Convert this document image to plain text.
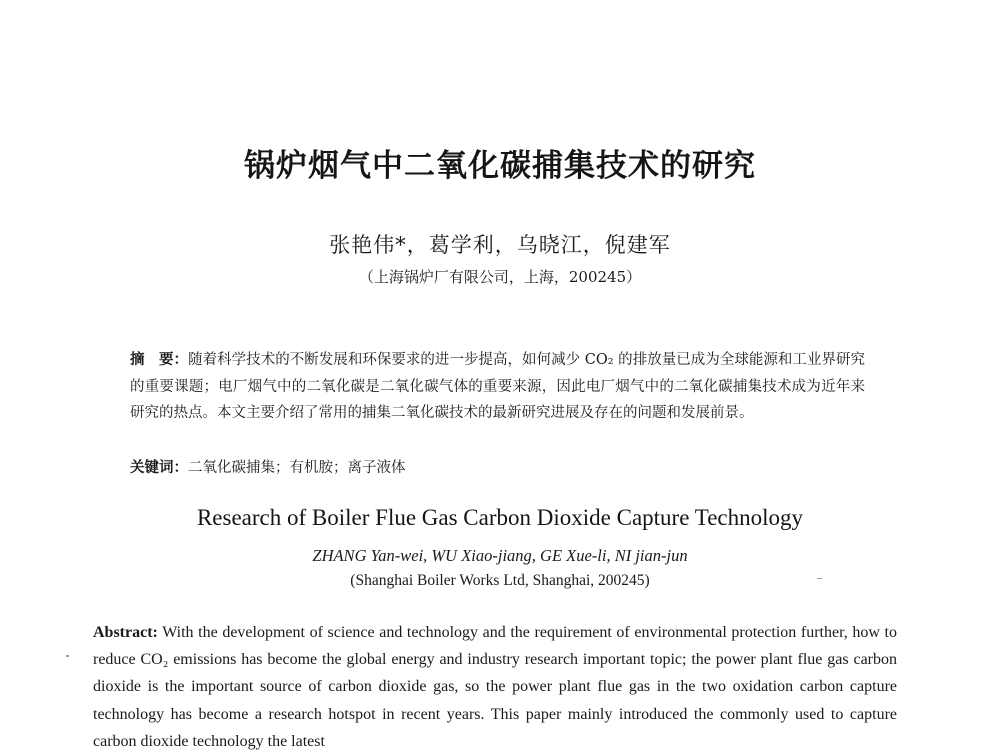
锅炉烟气中二氧化碳捕集技术的研究
张艳伟*，葛学利，乌晓江，倪建军
（上海锅炉厂有限公司，上海，200245）
摘　要：随着科学技术的不断发展和环保要求的进一步提高，如何减少 CO₂ 的排放量已成为全球能源和工业界研究的重要课题；电厂烟气中的二氧化碳是二氧化碳气体的重要来源，因此电厂烟气中的二氧化碳捕集技术成为近年来研究的热点。本文主要介绍了常用的捕集二氧化碳技术的最新研究进展及存在的问题和发展前景。
关键词：二氧化碳捕集；有机胺；离子液体
Research of Boiler Flue Gas Carbon Dioxide Capture Technology
ZHANG Yan-wei, WU Xiao-jiang, GE Xue-li, NI jian-jun
(Shanghai Boiler Works Ltd, Shanghai, 200245)
Abstract: With the development of science and technology and the requirement of environmental protection further, how to reduce CO₂ emissions has become the global energy and industry research important topic; the power plant flue gas carbon dioxide is the important source of carbon dioxide gas, so the power plant flue gas in the two oxidation carbon capture technology has become a research hotspot in recent years. This paper mainly introduced the commonly used to capture carbon dioxide technology the latest
